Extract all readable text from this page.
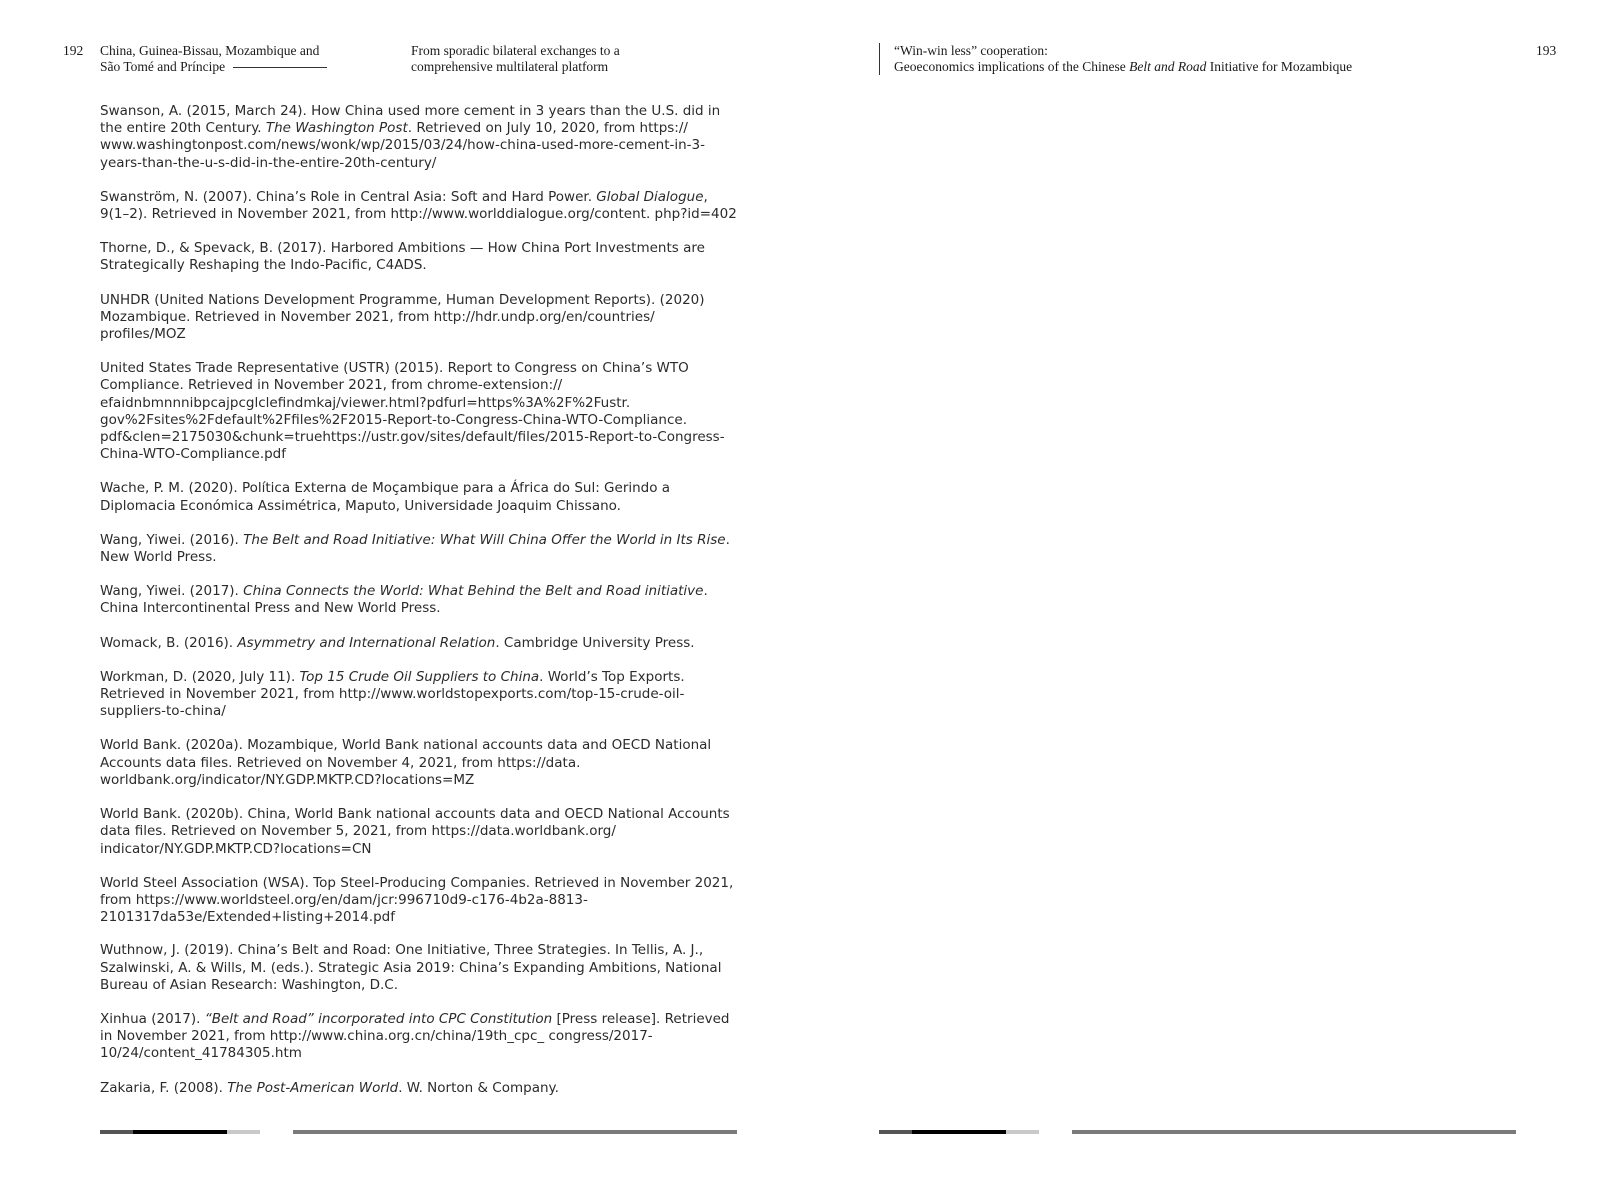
192 China, Guinea-Bissau, Mozambique and
São Tomé and Príncipe
From sporadic bilateral exchanges to a
comprehensive multilateral platform
Swanson, A. (2015, March 24). How China used more cement in 3 years than the U.S. did in the entire 20th Century. The Washington Post. Retrieved on July 10, 2020, from https:// www.washingtonpost.com/news/wonk/wp/2015/03/24/how-china-used-more-cement-in-3-years-than-the-u-s-did-in-the-entire-20th-century/
Swanström, N. (2007). China’s Role in Central Asia: Soft and Hard Power. Global Dialogue, 9(1–2). Retrieved in November 2021, from http://www.worlddialogue.org/content. php?id=402
Thorne, D., & Spevack, B. (2017). Harbored Ambitions — How China Port Investments are Strategically Reshaping the Indo-Pacific, C4ADS.
UNHDR (United Nations Development Programme, Human Development Reports). (2020) Mozambique. Retrieved in November 2021, from http://hdr.undp.org/en/countries/ profiles/MOZ
United States Trade Representative (USTR) (2015). Report to Congress on China’s WTO Compliance. Retrieved in November 2021, from chrome-extension:// efaidnbmnnnibpcajpcglclefindmkaj/viewer.html?pdfurl=https%3A%2F%2Fustr. gov%2Fsites%2Fdefault%2Ffiles%2F2015-Report-to-Congress-China-WTO-Compliance. pdf&clen=2175030&chunk=truehttps://ustr.gov/sites/default/files/2015-Report-to-Congress-China-WTO-Compliance.pdf
Wache, P. M. (2020). Política Externa de Moçambique para a África do Sul: Gerindo a Diplomacia Económica Assimétrica, Maputo, Universidade Joaquim Chissano.
Wang, Yiwei. (2016). The Belt and Road Initiative: What Will China Offer the World in Its Rise. New World Press.
Wang, Yiwei. (2017). China Connects the World: What Behind the Belt and Road initiative. China Intercontinental Press and New World Press.
Womack, B. (2016). Asymmetry and International Relation. Cambridge University Press.
Workman, D. (2020, July 11). Top 15 Crude Oil Suppliers to China. World’s Top Exports. Retrieved in November 2021, from http://www.worldstopexports.com/top-15-crude-oil-suppliers-to-china/
World Bank. (2020a). Mozambique, World Bank national accounts data and OECD National Accounts data files. Retrieved on November 4, 2021, from https://data. worldbank.org/indicator/NY.GDP.MKTP.CD?locations=MZ
World Bank. (2020b). China, World Bank national accounts data and OECD National Accounts data files. Retrieved on November 5, 2021, from https://data.worldbank.org/ indicator/NY.GDP.MKTP.CD?locations=CN
World Steel Association (WSA). Top Steel-Producing Companies. Retrieved in November 2021, from https://www.worldsteel.org/en/dam/jcr:996710d9-c176-4b2a-8813-2101317da53e/Extended+listing+2014.pdf
Wuthnow, J. (2019). China’s Belt and Road: One Initiative, Three Strategies. In Tellis, A. J., Szalwinski, A. & Wills, M. (eds.). Strategic Asia 2019: China’s Expanding Ambitions, National Bureau of Asian Research: Washington, D.C.
Xinhua (2017). “Belt and Road” incorporated into CPC Constitution [Press release]. Retrieved in November 2021, from http://www.china.org.cn/china/19th_cpc_ congress/2017-10/24/content_41784305.htm
Zakaria, F. (2008). The Post-American World. W. Norton & Company.
“Win-win less” cooperation:
Geoeconomics implications of the Chinese Belt and Road Initiative for Mozambique
193
